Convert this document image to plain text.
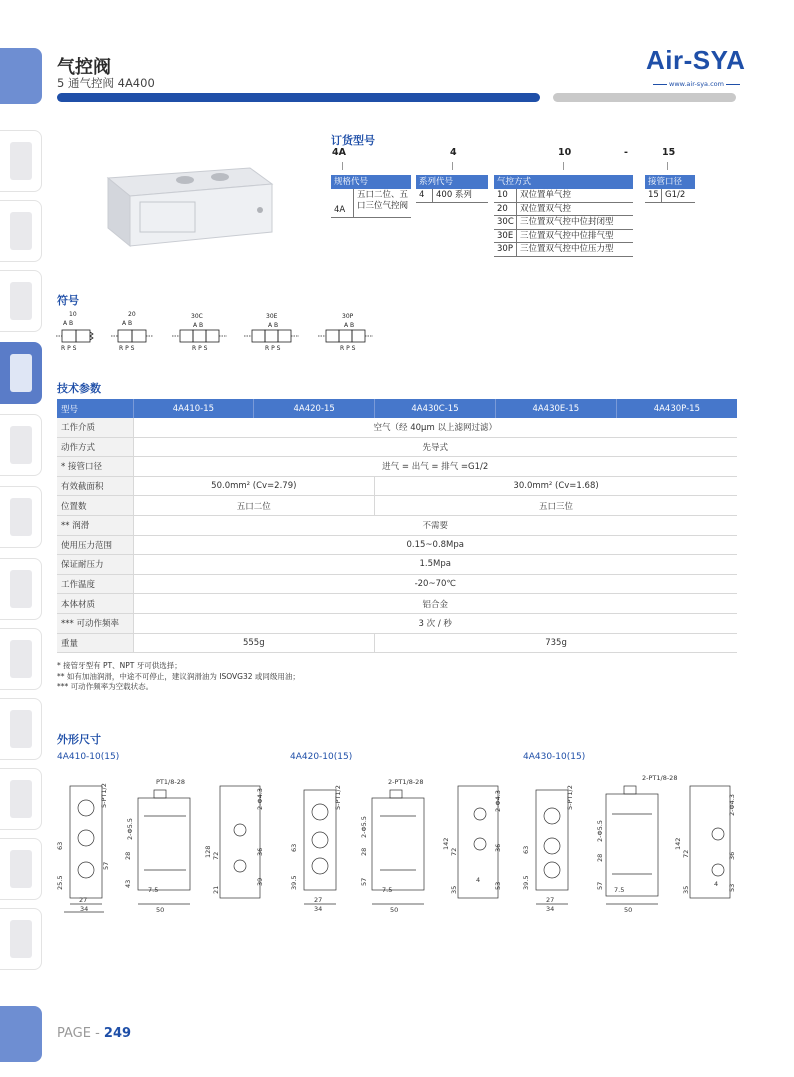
气控阀
5 通气控阀 4A400
Air-SYA
www.air-sya.com
订货型号
4A	4	10	-	15
规格代号
4A
五口二位、五口三位气控阀
系列代号
4	400 系列
气控方式
10	双位置单气控
20	双位置双气控
30C 三位置双气控中位封闭型
30E 三位置双气控中位排气型
30P 三位置双气控中位压力型
接管口径
15 G1/2
符号
10	20	30C	30E	30P
A B	A B	A B	A B	A B
R P S	R P S	R P S	R P S	R P S
技术参数
型号	4A410-15	4A420-15	4A430C-15	4A430E-15	4A430P-15
工作介质	空气（经 40μm 以上滤网过滤）				
动作方式	先导式				
* 接管口径	进气 = 出气 = 排气 =G1/2				
有效截面积	50.0mm² (Cv=2.79)		30.0mm² (Cv=1.68)		
位置数	五口二位		五口三位		
** 润滑	不需要				
使用压力范围	0.15~0.8Mpa				
保证耐压力	1.5Mpa				
工作温度	-20~70℃				
本体材质	铝合金				
*** 可动作频率	3 次 / 秒				
重量	555g		735g		
* 接管牙型有 PT、NPT 牙可供选择；
** 如有加油润滑，中途不可停止，建议润滑油为 ISOVG32 或同级用油；
*** 可动作频率为空载状态。
外形尺寸
4A410-10(15)	4A420-10(15)	4A430-10(15)
5-PT1/2
PT1/8-28
2-Φ5.5
2-Φ4.3
63
25.5
27
34
28
43
57
7.5
50
128 72
21
36
39
5-PT1/2
2-PT1/8-28
2-Φ5.5
2-Φ4.3
63
39.5
27
34
28
57
7.5
50
142
72
35
36
4
53
5-PT1/2
2-PT1/8-28
2-Φ5.5
2-Φ4.3
63
39.5
27
34
28
57 7.5
50
142
72
35
36
4 53
PAGE - 249
